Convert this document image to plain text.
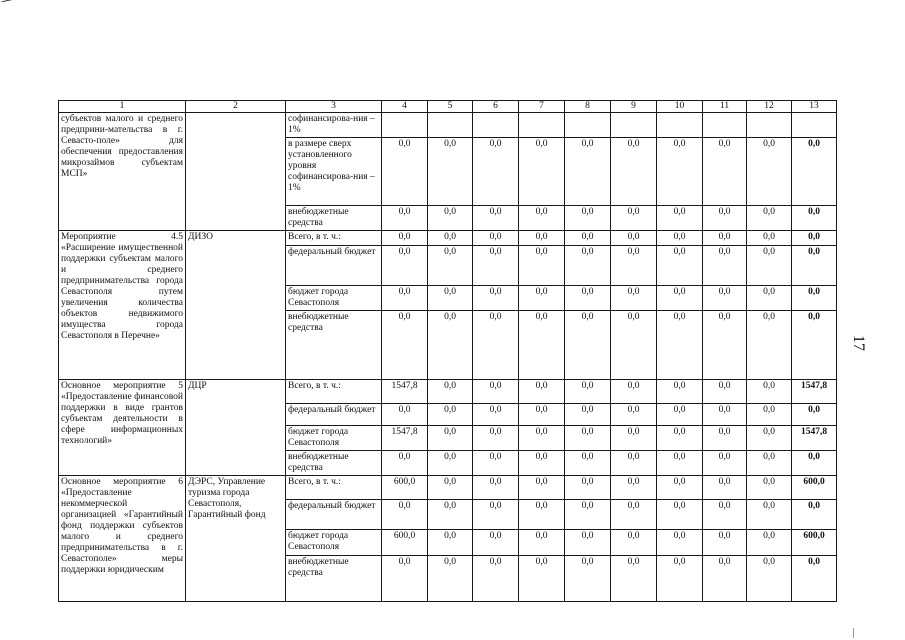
1	2	3	4	5	6	7	8	9	10	11	12	13
субъектов малого и среднего предприни-мательства в г. Севасто-поле» для обеспечения предоставления микрозаймов субъектам МСП»		софинансирова-ния – 1%										
		в размере сверх установленного уровня софинансирова-ния – 1%	0,0	0,0	0,0	0,0	0,0	0,0	0,0	0,0	0,0	0,0
		внебюджетные средства	0,0	0,0	0,0	0,0	0,0	0,0	0,0	0,0	0,0	0,0
Мероприятие 4.5 «Расширение имущественной поддержки субъектам малого и среднего предпринимательства города Севастополя путем увеличения количества объектов недвижимого имущества города Севастополя в Перечне»	ДИЗО	Всего, в т. ч.:	0,0	0,0	0,0	0,0	0,0	0,0	0,0	0,0	0,0	0,0
		федеральный бюджет	0,0	0,0	0,0	0,0	0,0	0,0	0,0	0,0	0,0	0,0
		бюджет города Севастополя	0,0	0,0	0,0	0,0	0,0	0,0	0,0	0,0	0,0	0,0
		внебюджетные средства	0,0	0,0	0,0	0,0	0,0	0,0	0,0	0,0	0,0	0,0
Основное мероприятие 5 «Предоставление финансовой поддержки в виде грантов субъектам деятельности в сфере информационных технологий»	ДЦР	Всего, в т. ч.:	1547,8	0,0	0,0	0,0	0,0	0,0	0,0	0,0	0,0	1547,8
		федеральный бюджет	0,0	0,0	0,0	0,0	0,0	0,0	0,0	0,0	0,0	0,0
		бюджет города Севастополя	1547,8	0,0	0,0	0,0	0,0	0,0	0,0	0,0	0,0	1547,8
		внебюджетные средства	0,0	0,0	0,0	0,0	0,0	0,0	0,0	0,0	0,0	0,0
Основное мероприятие 6 «Предоставление некоммерческой организацией «Гарантийный фонд поддержки субъектов малого и среднего предпринимательства в г. Севастополе» меры поддержки юридическим	ДЭРС, Управление туризма города Севастополя, Гарантийный фонд	Всего, в т. ч.:	600,0	0,0	0,0	0,0	0,0	0,0	0,0	0,0	0,0	600,0
		федеральный бюджет	0,0	0,0	0,0	0,0	0,0	0,0	0,0	0,0	0,0	0,0
		бюджет города Севастополя	600,0	0,0	0,0	0,0	0,0	0,0	0,0	0,0	0,0	600,0
		внебюджетные средства	0,0	0,0	0,0	0,0	0,0	0,0	0,0	0,0	0,0	0,0
17
